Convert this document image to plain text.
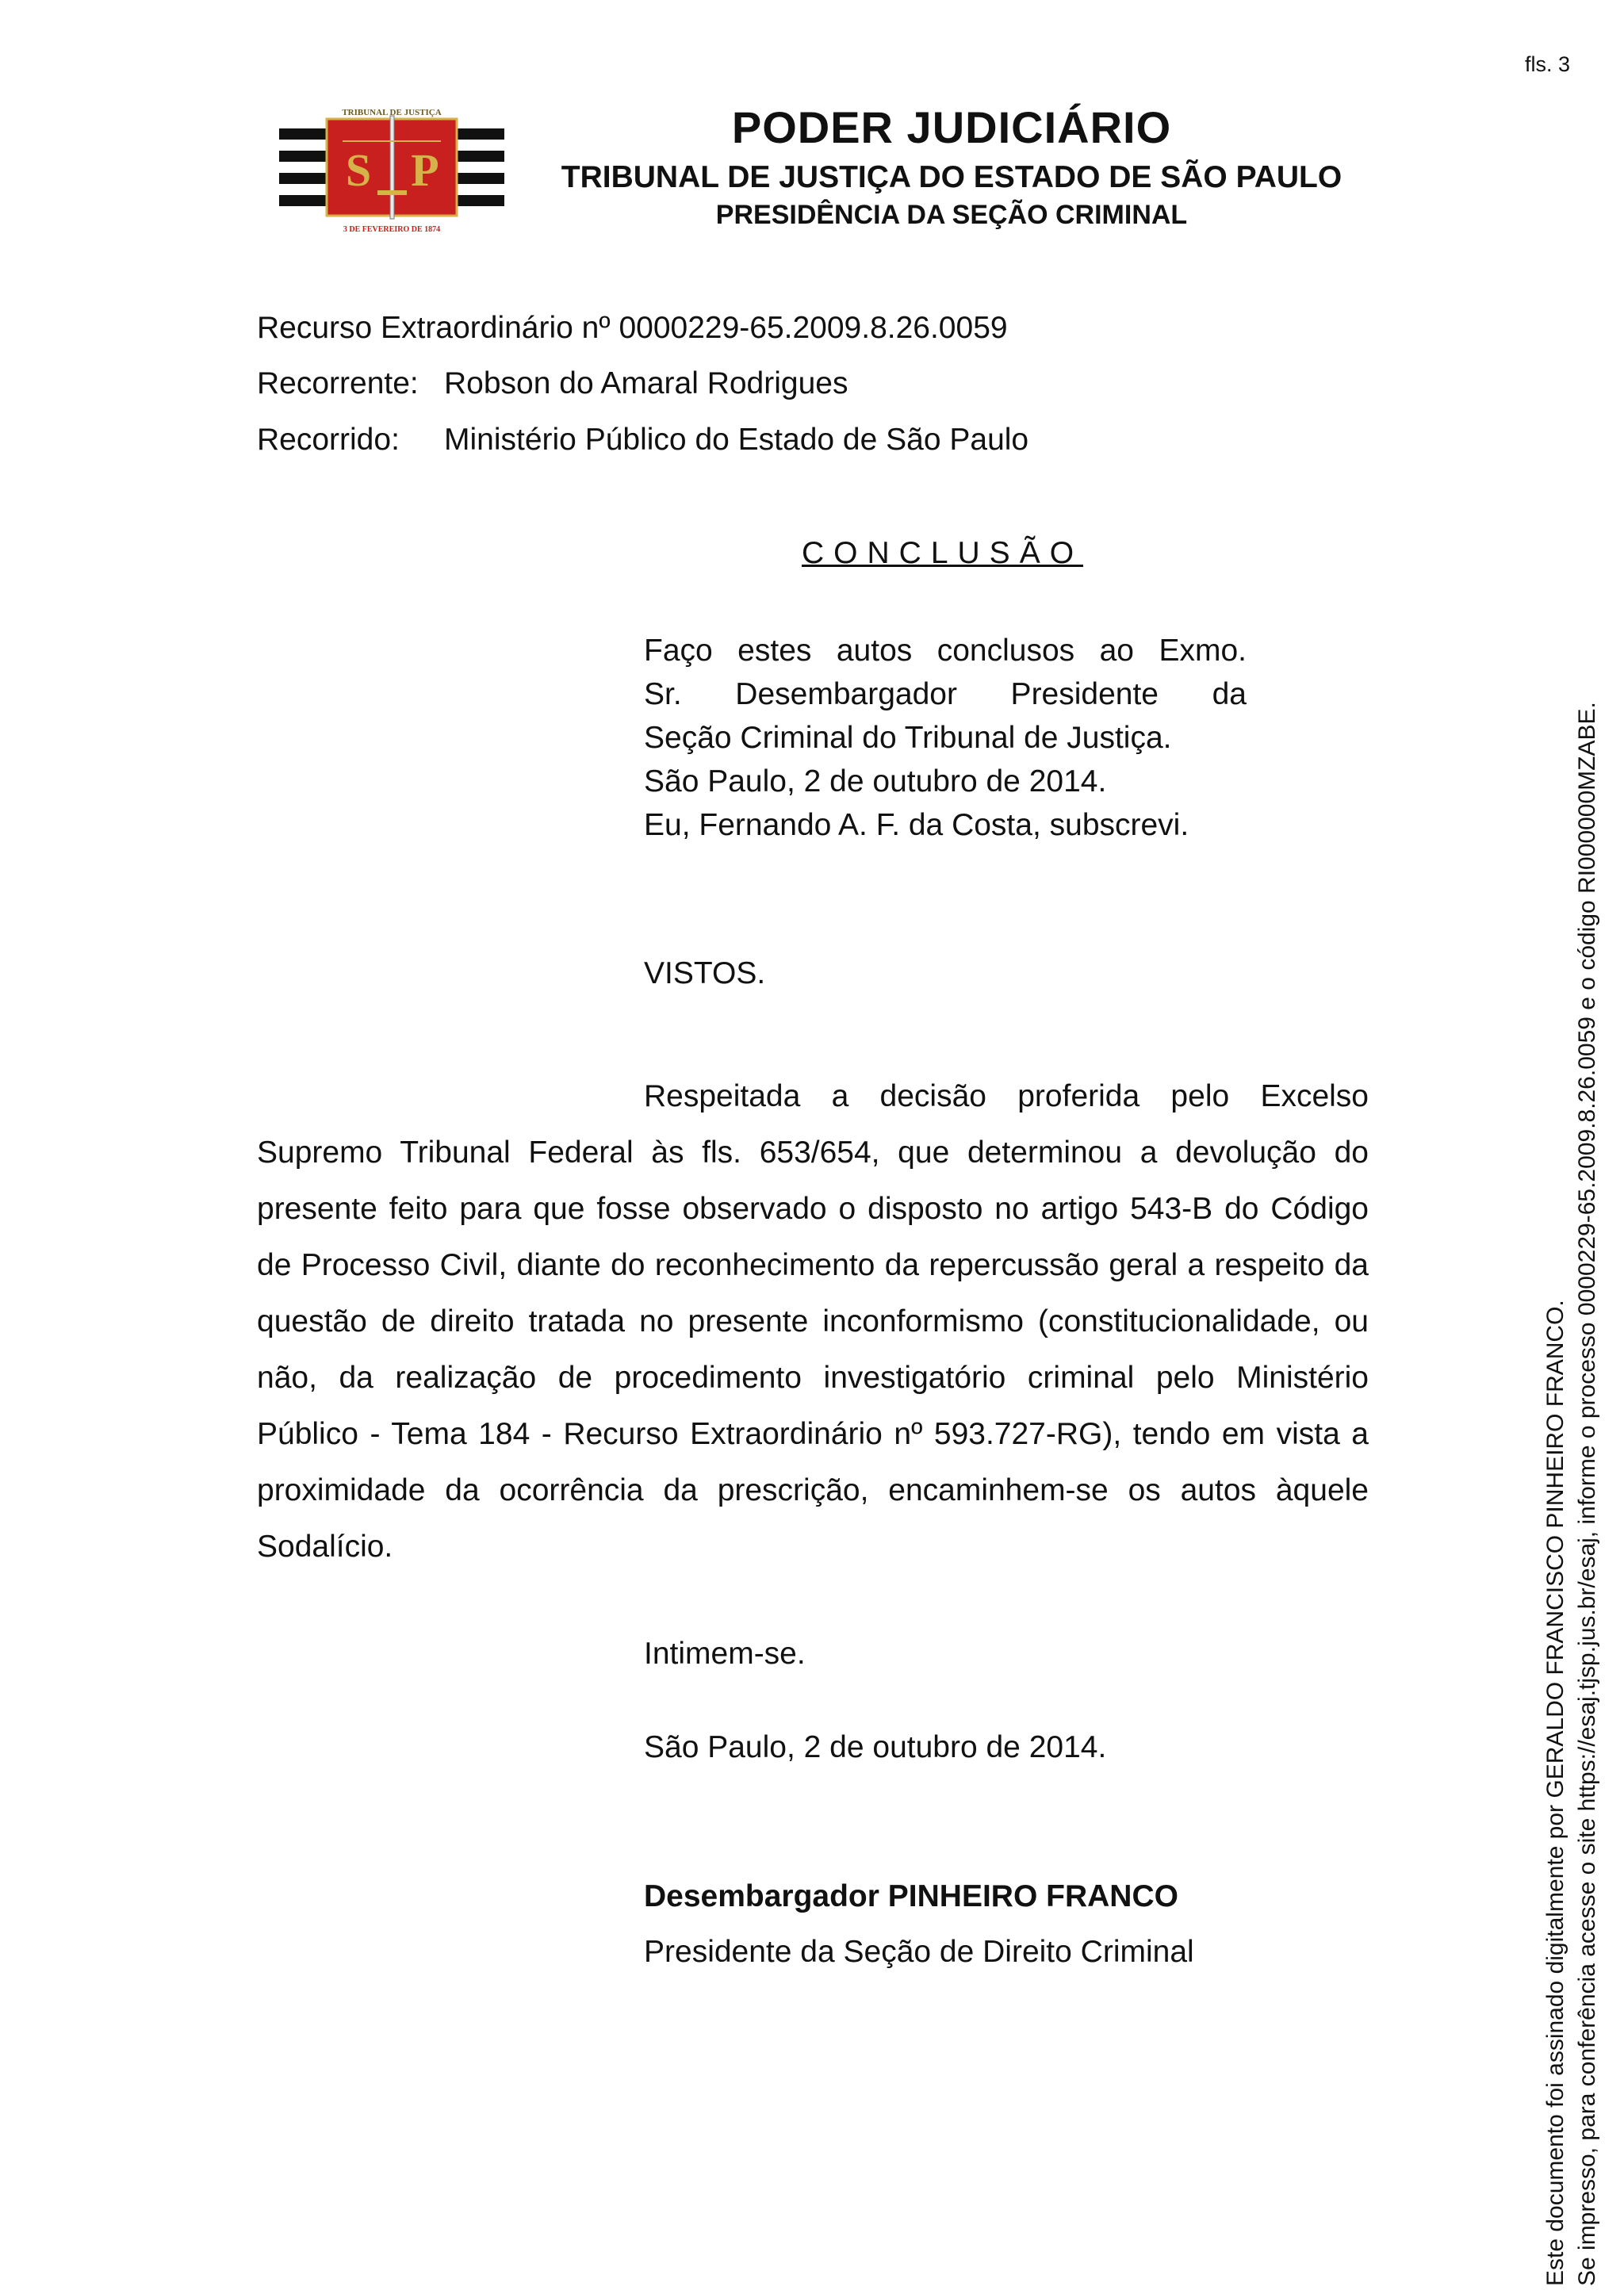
fls. 3
S P
TRIBUNAL DE JUSTIÇA
3 DE FEVEREIRO DE 1874
PODER JUDICIÁRIO
TRIBUNAL DE JUSTIÇA DO ESTADO DE SÃO PAULO
PRESIDÊNCIA DA SEÇÃO CRIMINAL
Recurso Extraordinário nº 0000229-65.2009.8.26.0059
Recorrente: Robson do Amaral Rodrigues
Recorrido: Ministério Público do Estado de São Paulo
CONCLUSÃO
Faço estes autos conclusos ao Exmo.
Sr. Desembargador Presidente da
Seção Criminal do Tribunal de Justiça.
São Paulo, 2 de outubro de 2014.
Eu, Fernando A. F. da Costa, subscrevi.
VISTOS.
Respeitada a decisão proferida pelo Excelso Supremo Tribunal Federal às fls. 653/654, que determinou a devolução do presente feito para que fosse observado o disposto no artigo 543-B do Código de Processo Civil, diante do reconhecimento da repercussão geral a respeito da questão de direito tratada no presente inconformismo (constitucionalidade, ou não, da realização de procedimento investigatório criminal pelo Ministério Público - Tema 184 - Recurso Extraordinário nº 593.727-RG), tendo em vista a proximidade da ocorrência da prescrição, encaminhem-se os autos àquele Sodalício.
Intimem-se.
São Paulo, 2 de outubro de 2014.
Desembargador PINHEIRO FRANCO
Presidente da Seção de Direito Criminal	Este documento foi assinado digitalmente por GERALDO FRANCISCO PINHEIRO FRANCO. Se impresso, para conferência acesse o site https://esaj.tjsp.jus.br/esaj, informe o processo 0000229-65.2009.8.26.0059 e o código RI000000MZABE.
